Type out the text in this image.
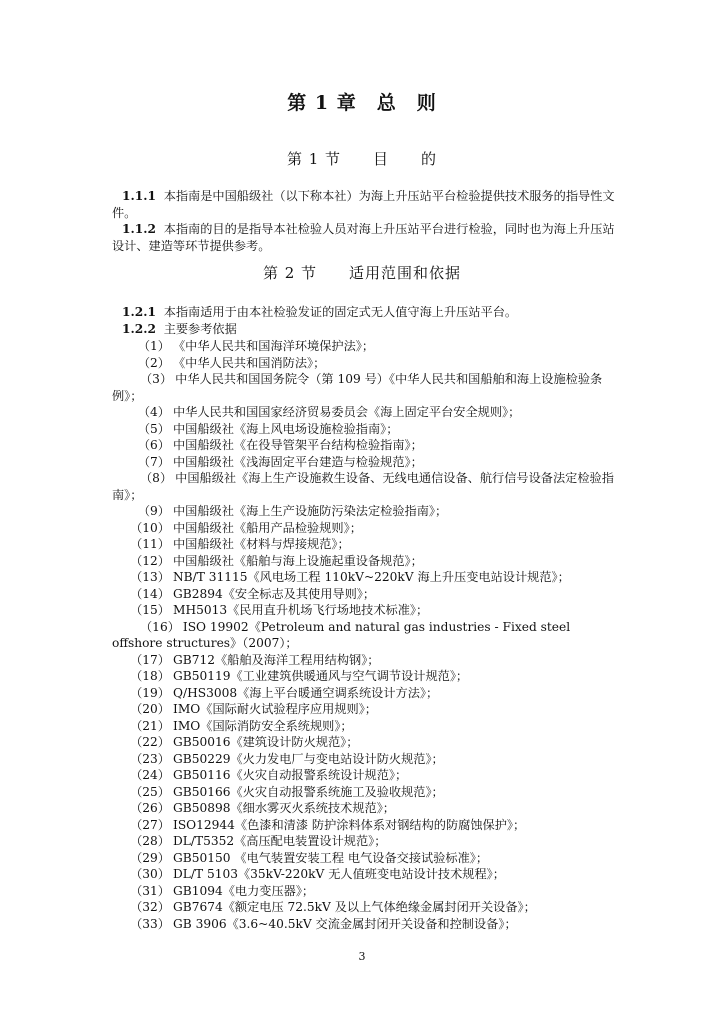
第 1 章　总　则
第 1 节　　目　　的
1.1.1 本指南是中国船级社（以下称本社）为海上升压站平台检验提供技术服务的指导性文件。
1.1.2 本指南的目的是指导本社检验人员对海上升压站平台进行检验，同时也为海上升压站设计、建造等环节提供参考。
第 2 节　　适用范围和依据
1.2.1 本指南适用于由本社检验发证的固定式无人值守海上升压站平台。
1.2.2 主要参考依据
（1） 《中华人民共和国海洋环境保护法》；
（2） 《中华人民共和国消防法》；
（3） 中华人民共和国国务院令（第 109 号）《中华人民共和国船舶和海上设施检验条例》；
（4） 中华人民共和国国家经济贸易委员会《海上固定平台安全规则》；
（5） 中国船级社《海上风电场设施检验指南》；
（6） 中国船级社《在役导管架平台结构检验指南》；
（7） 中国船级社《浅海固定平台建造与检验规范》；
（8） 中国船级社《海上生产设施救生设备、无线电通信设备、航行信号设备法定检验指南》；
（9） 中国船级社《海上生产设施防污染法定检验指南》；
（10） 中国船级社《船用产品检验规则》；
（11） 中国船级社《材料与焊接规范》；
（12） 中国船级社《船舶与海上设施起重设备规范》；
（13） NB/T 31115《风电场工程 110kV~220kV 海上升压变电站设计规范》；
（14） GB2894《安全标志及其使用导则》；
（15） MH5013《民用直升机场飞行场地技术标准》；
（16） ISO 19902《Petroleum and natural gas industries - Fixed steel offshore structures》（2007）；
（17） GB712《船舶及海洋工程用结构钢》；
（18） GB50119《工业建筑供暖通风与空气调节设计规范》；
（19） Q/HS3008《海上平台暖通空调系统设计方法》；
（20） IMO《国际耐火试验程序应用规则》；
（21） IMO《国际消防安全系统规则》；
（22） GB50016《建筑设计防火规范》；
（23） GB50229《火力发电厂与变电站设计防火规范》；
（24） GB50116《火灾自动报警系统设计规范》；
（25） GB50166《火灾自动报警系统施工及验收规范》；
（26） GB50898《细水雾灭火系统技术规范》；
（27） ISO12944《色漆和清漆 防护涂料体系对钢结构的防腐蚀保护》；
（28） DL/T5352《高压配电装置设计规范》；
（29） GB50150 《电气装置安装工程 电气设备交接试验标准》；
（30） DL/T 5103《35kV-220kV 无人值班变电站设计技术规程》；
（31） GB1094《电力变压器》；
（32） GB7674《额定电压 72.5kV 及以上气体绝缘金属封闭开关设备》；
（33） GB 3906《3.6~40.5kV 交流金属封闭开关设备和控制设备》；
3
